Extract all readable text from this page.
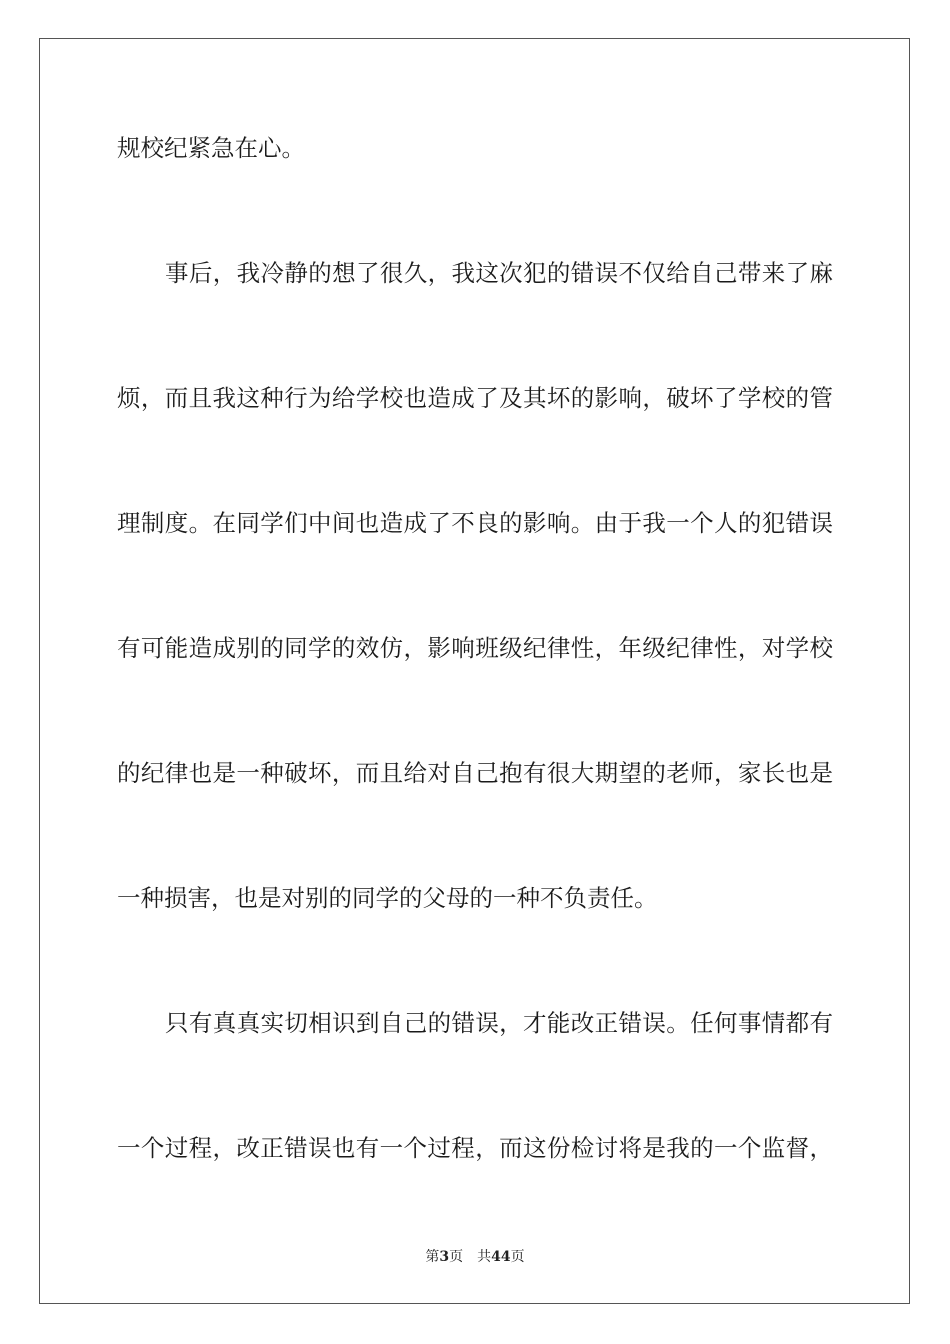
规校纪紧急在心。
事后，我冷静的想了很久，我这次犯的错误不仅给自己带来了麻
烦，而且我这种行为给学校也造成了及其坏的影响，破坏了学校的管
理制度。在同学们中间也造成了不良的影响。由于我一个人的犯错误
有可能造成别的同学的效仿，影响班级纪律性，年级纪律性，对学校
的纪律也是一种破坏，而且给对自己抱有很大期望的老师，家长也是
一种损害，也是对别的同学的父母的一种不负责任。
只有真真实切相识到自己的错误，才能改正错误。任何事情都有
一个过程，改正错误也有一个过程，而这份检讨将是我的一个监督，
第3页 共44页
